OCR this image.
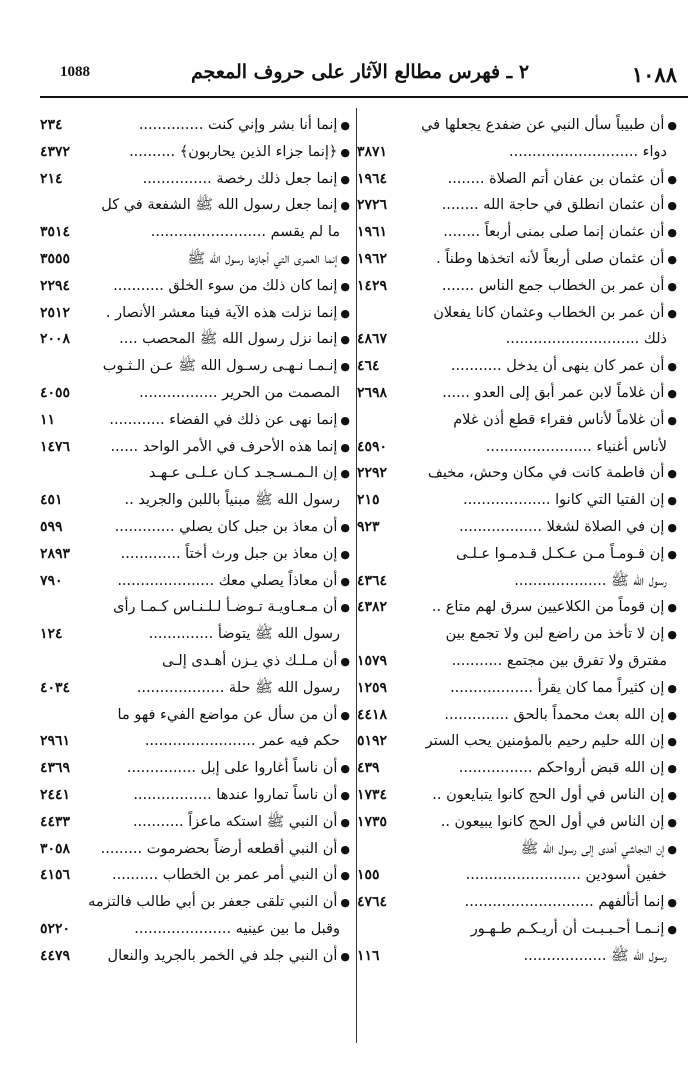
١٠٨٨
٢ ـ فهرس مطالع الآثار على حروف المعجم
1088
●أن طبيباً سأل النبي عن ضفدع يجعلها في
دواء ............................
٣٨٧١
●أن عثمان بن عفان أتم الصلاة ........
١٩٦٤
●أن عثمان انطلق في حاجة الله ........
٢٧٢٦
●أن عثمان إنما صلى بمنى أربعاً ........
١٩٦١
●أن عثمان صلى أربعاً لأنه اتخذها وطناً .
١٩٦٢
●أن عمر بن الخطاب جمع الناس .......
١٤٢٩
●أن عمر بن الخطاب وعثمان كانا يفعلان
ذلك .............................
٤٨٦٧
●أن عمر كان ينهى أن يدخل ...........
٤٦٤
●أن غلاماً لابن عمر أبق إلى العدو ......
٢٦٩٨
●أن غلاماً لأناس فقراء قطع أذن غلام
لأناس أغنياء .......................
٤٥٩٠
●أن فاطمة كانت في مكان وحش، مخيف
٢٢٩٢
●إن الفتيا التي كانوا ...................
٢١٥
●إن في الصلاة لشغلا ..................
٩٢٣
●إن قـومـاً مـن عـكـل قـدمـوا عـلـى
رسول الله ﷺ ....................
٤٣٦٤
●إن قوماً من الكلاعيين سرق لهم متاع ..
٤٣٨٢
●إن لا تأخذ من راضع لبن ولا تجمع بين
مفترق ولا تفرق بين مجتمع ...........
١٥٧٩
●إن كثيراً مما كان يقرأ ..................
١٢٥٩
●إن الله بعث محمداً بالحق ..............
٤٤١٨
●إن الله حليم رحيم بالمؤمنين يحب الستر
٥١٩٢
●إن الله قبض أرواحكم ................
٤٣٩
●إن الناس في أول الحج كانوا يتبايعون ..
١٧٣٤
●إن الناس في أول الحج كانوا يبيعون ..
١٧٣٥
●إن النجاشي أهدى إلى رسول الله ﷺ
خفين أسودين .........................
١٥٥
●إنما أتألفهم ............................
٤٧٦٤
●إنـمـا أحـبـبـت أن أريـكـم طـهـور
رسول الله ﷺ ..................
١١٦
●إنما أنا بشر وإني كنت ..............
٢٣٤
●﴿إنما جزاء الذين يحاربون﴾ ..........
٤٣٧٢
●إنما جعل ذلك رخصة ...............
٢١٤
●إنما جعل رسول الله ﷺ الشفعة في كل
ما لم يقسم .........................
٣٥١٤
●إنما العمرى التي أجازها رسول الله ﷺ
٣٥٥٥
●إنما كان ذلك من سوء الخلق ...........
٢٢٩٤
●إنما نزلت هذه الآية فينا معشر الأنصار .
٢٥١٢
●إنما نزل رسول الله ﷺ المحصب ....
٢٠٠٨
●إنـمـا نـهـى رسـول الله ﷺ عـن الـثـوب
المصمت من الحرير .................
٤٠٥٥
●إنما نهى عن ذلك في الفضاء ............
١١
●إنما هذه الأحرف في الأمر الواحد ......
١٤٧٦
●إن الـمـسـجـد كـان عـلـى عـهـد
رسول الله ﷺ مبنياً باللبن والجريد ..
٤٥١
●أن معاذ بن جبل كان يصلي .............
٥٩٩
●إن معاذ بن جبل ورث أختاً .............
٢٨٩٣
●أن معاذاً يصلي معك .....................
٧٩٠
●أن مـعـاويـة تـوضـأ لـلـنـاس كـمـا رأى
رسول الله ﷺ يتوضأ ..............
١٢٤
●أن مـلـك ذي يـزن أهـدى إلـى
رسول الله ﷺ حلة ...................
٤٠٣٤
●أن من سأل عن مواضع الفيء فهو ما
حكم فيه عمر ........................
٢٩٦١
●أن ناساً أغاروا على إبل ...............
٤٣٦٩
●أن ناساً تماروا عندها .................
٢٤٤١
●أن النبي ﷺ استكه ماعزاً ...........
٤٤٣٣
●أن النبي أقطعه أرضاً بحضرموت .........
٣٠٥٨
●أن النبي أمر عمر بن الخطاب ..........
٤١٥٦
●أن النبي تلقى جعفر بن أبي طالب فالتزمه
وقبل ما بين عينيه .....................
٥٢٢٠
●أن النبي جلد في الخمر بالجريد والنعال
٤٤٧٩
